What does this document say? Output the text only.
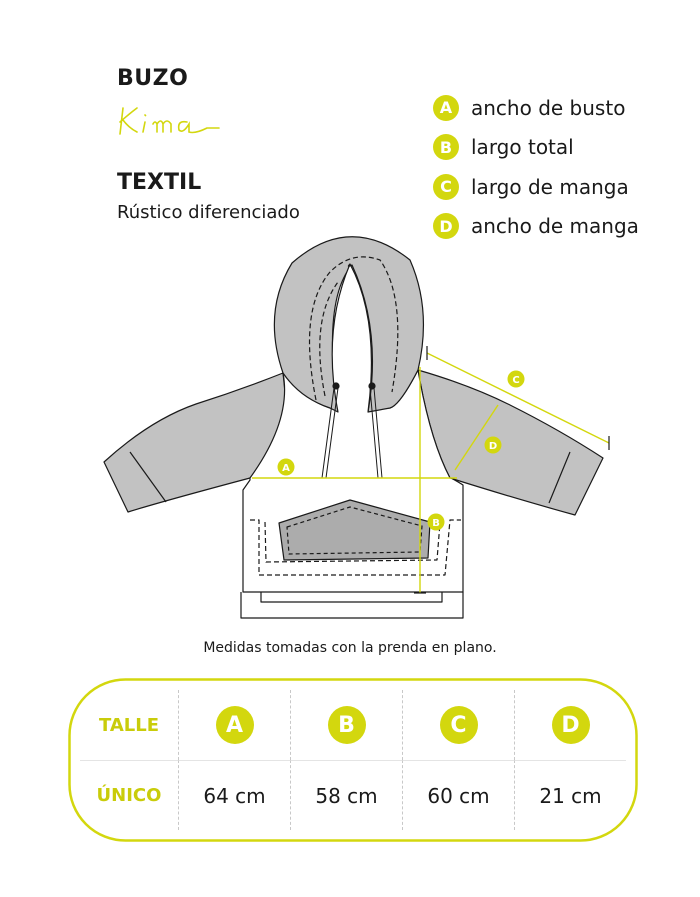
BUZO
TEXTIL
Rústico diferenciado
A ancho de busto
B largo total
C largo de manga
D ancho de manga
A
B
C
D
Medidas tomadas con la prenda en plano.
TALLE	A	B	C	D
ÚNICO	64 cm	58 cm	60 cm	21 cm
